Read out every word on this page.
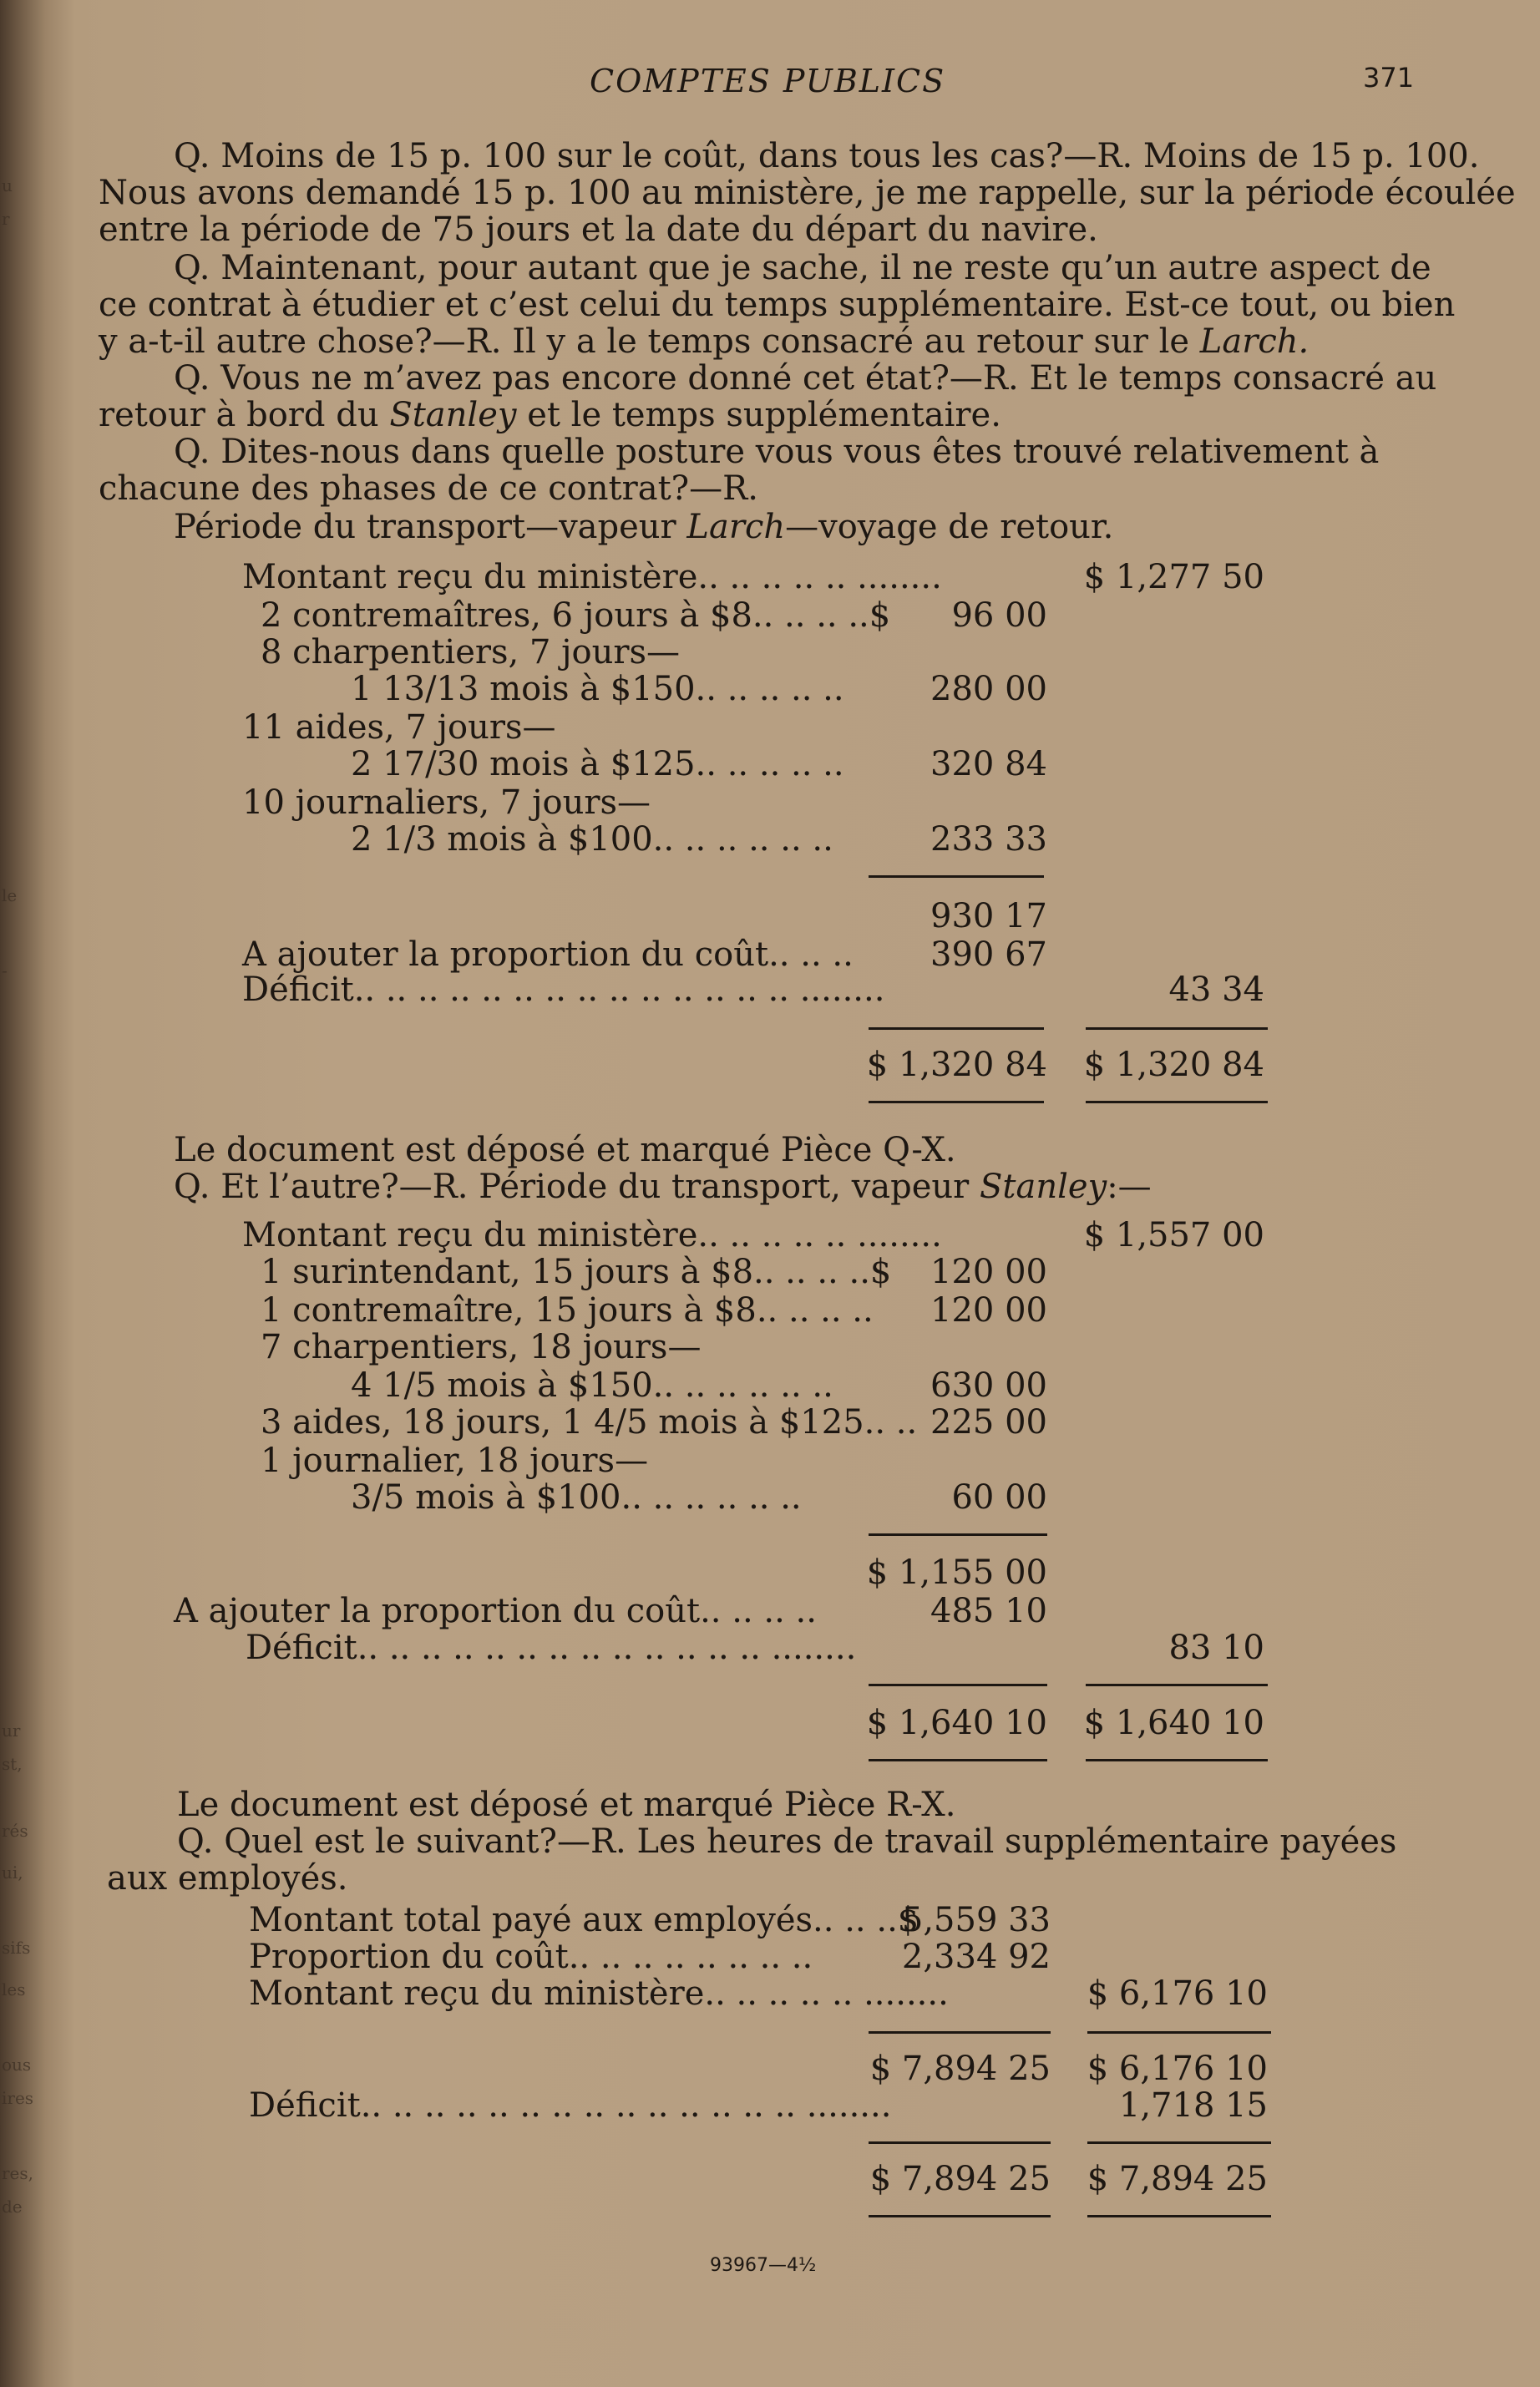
u
r
le
-
ur
st,
rés
ui,
sifs
les
ous
ires
res,
de
COMPTES PUBLICS	371
Q. Moins de 15 p. 100 sur le coût, dans tous les cas?—R. Moins de 15 p. 100.
Nous avons demandé 15 p. 100 au ministère, je me rappelle, sur la période écoulée
entre la période de 75 jours et la date du départ du navire.
Q. Maintenant, pour autant que je sache, il ne reste qu’un autre aspect de
ce contrat à étudier et c’est celui du temps supplémentaire. Est-ce tout, ou bien
y a-t-il autre chose?—R. Il y a le temps consacré au retour sur le Larch.
Q. Vous ne m’avez pas encore donné cet état?—R. Et le temps consacré au
retour à bord du Stanley et le temps supplémentaire.
Q. Dites-nous dans quelle posture vous vous êtes trouvé relativement à
chacune des phases de ce contrat?—R.
Période du transport—vapeur Larch—voyage de retour.
Montant reçu du ministère.. .. .. .. .. ........
2 contremaîtres, 6 jours à $8.. .. .. ..$
8 charpentiers, 7 jours—
1 13/13 mois à $150.. .. .. .. ..
11 aides, 7 jours—
2 17/30 mois à $125.. .. .. .. ..
10 journaliers, 7 jours—
2 1/3 mois à $100.. .. .. .. .. ..
A ajouter la proportion du coût.. .. ..
Déficit.. .. .. .. .. .. .. .. .. .. .. .. .. .. ........
$ 1,277 50
96 00
280 00
320 84
233 33
930 17
390 67
43 34
$ 1,320 84 $ 1,320 84
Le document est déposé et marqué Pièce Q-X.
Q. Et l’autre?—R. Période du transport, vapeur Stanley:—
Montant reçu du ministère.. .. .. .. .. ........
1 surintendant, 15 jours à $8.. .. .. ..$
1 contremaître, 15 jours à $8.. .. .. ..
7 charpentiers, 18 jours—
4 1/5 mois à $150.. .. .. .. .. ..
3 aides, 18 jours, 1 4/5 mois à $125.. ..
1 journalier, 18 jours—
3/5 mois à $100.. .. .. .. .. ..
A ajouter la proportion du coût.. .. .. ..
Déficit.. .. .. .. .. .. .. .. .. .. .. .. .. ........
$ 1,557 00
120 00
120 00
630 00
225 00
60 00
$ 1,155 00
485 10
83 10
$ 1,640 10 $ 1,640 10
Le document est déposé et marqué Pièce R-X.
Q. Quel est le suivant?—R. Les heures de travail supplémentaire payées
aux employés.
Montant total payé aux employés.. .. ..$
Proportion du coût.. .. .. .. .. .. .. ..
Montant reçu du ministère.. .. .. .. .. ........
Déficit.. .. .. .. .. .. .. .. .. .. .. .. .. .. ........
5,559 33
2,334 92
$ 6,176 10
$ 7,894 25 $ 6,176 10
1,718 15
$ 7,894 25 $ 7,894 25
93967—4½
